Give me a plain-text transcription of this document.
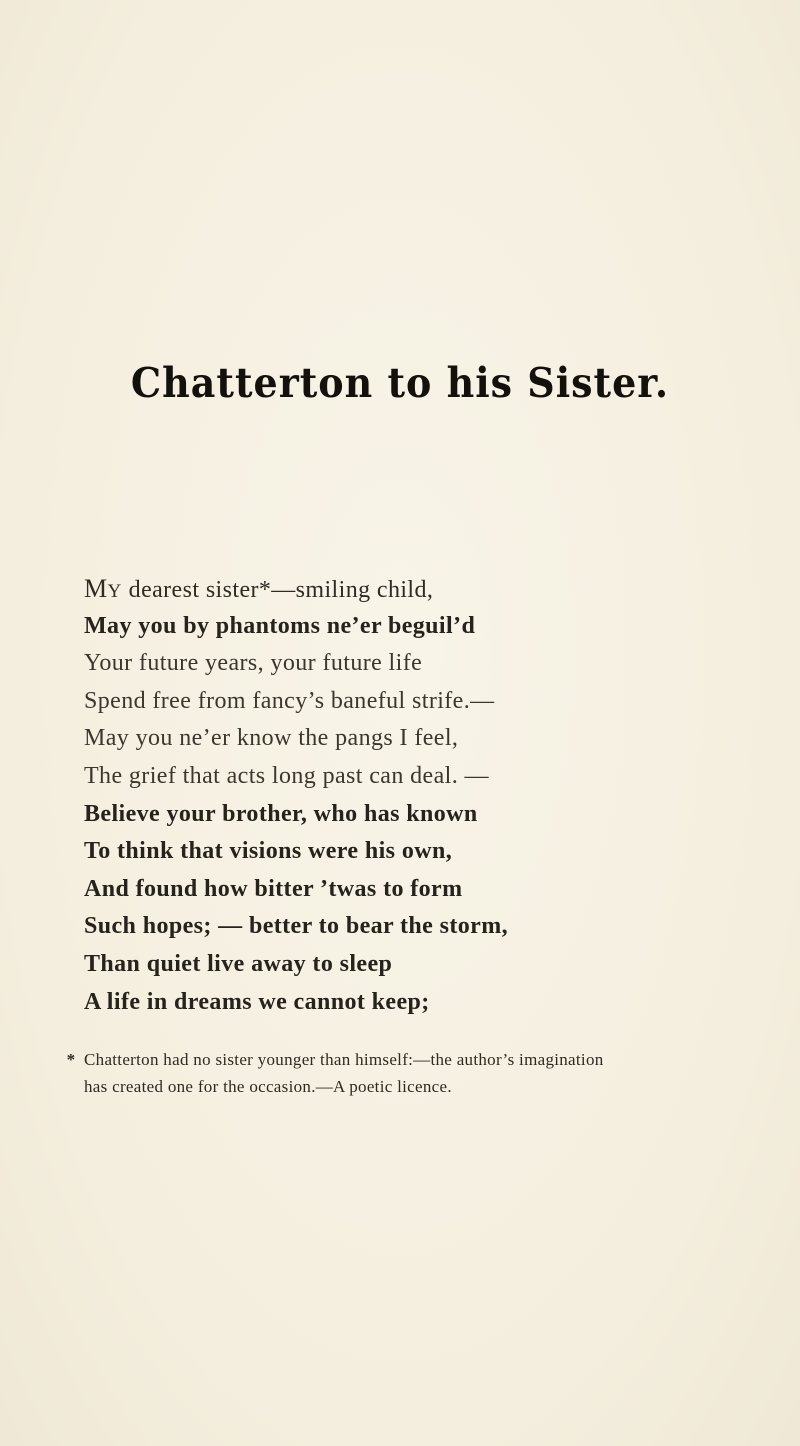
Chatterton to his Sister.
MY dearest sister*—smiling child,
May you by phantoms ne’er beguil’d
Your future years, your future life
Spend free from fancy’s baneful strife.—
May you ne’er know the pangs I feel,
The grief that acts long past can deal. —
Believe your brother, who has known
To think that visions were his own,
And found how bitter ’twas to form
Such hopes; — better to bear the storm,
Than quiet live away to sleep
A life in dreams we cannot keep;
* Chatterton had no sister younger than himself:—the author’s imagination
has created one for the occasion.—A poetic licence.
